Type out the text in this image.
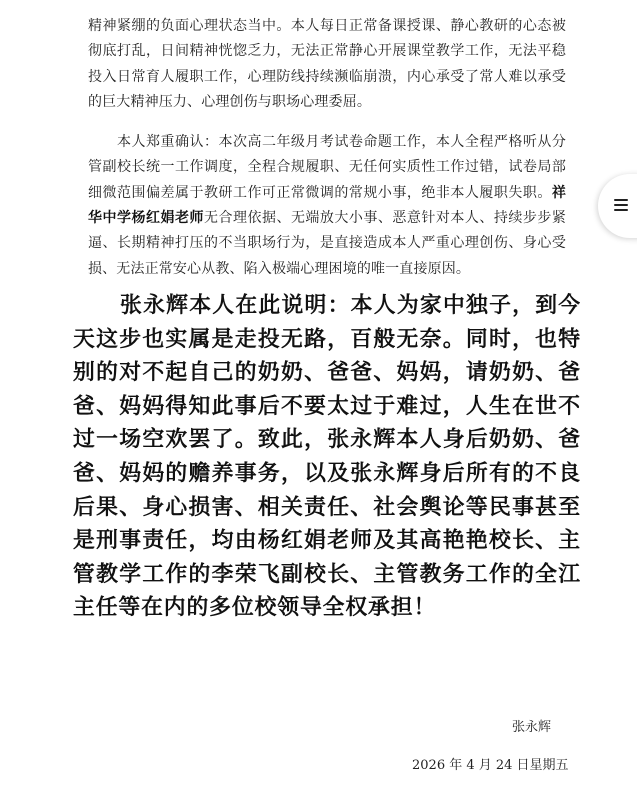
精神紧绷的负面心理状态当中。本人每日正常备课授课、静心教研的心态被彻底打乱，日间精神恍惚乏力，无法正常静心开展课堂教学工作，无法平稳投入日常育人履职工作，心理防线持续濒临崩溃，内心承受了常人难以承受的巨大精神压力、心理创伤与职场心理委屈。

本人郑重确认：本次高二年级月考试卷命题工作，本人全程严格听从分管副校长统一工作调度，全程合规履职、无任何实质性工作过错，试卷局部细微范围偏差属于教研工作可正常微调的常规小事，绝非本人履职失职。祥华中学杨红娟老师无合理依据、无端放大小事、恶意针对本人、持续步步紧逼、长期精神打压的不当职场行为，是直接造成本人严重心理创伤、身心受损、无法正常安心从教、陷入极端心理困境的唯一直接原因。

张永辉本人在此说明：本人为家中独子，到今天这步也实属是走投无路，百般无奈。同时，也特别的对不起自己的奶奶、爸爸、妈妈，请奶奶、爸爸、妈妈得知此事后不要太过于难过，人生在世不过一场空欢罢了。致此，张永辉本人身后奶奶、爸爸、妈妈的赡养事务，以及张永辉身后所有的不良后果、身心损害、相关责任、社会舆论等民事甚至是刑事责任，均由杨红娟老师及其高艳艳校长、主管教学工作的李荣飞副校长、主管教务工作的全江主任等在内的多位校领导全权承担！

张永辉
2026 年 4 月 24 日星期五
